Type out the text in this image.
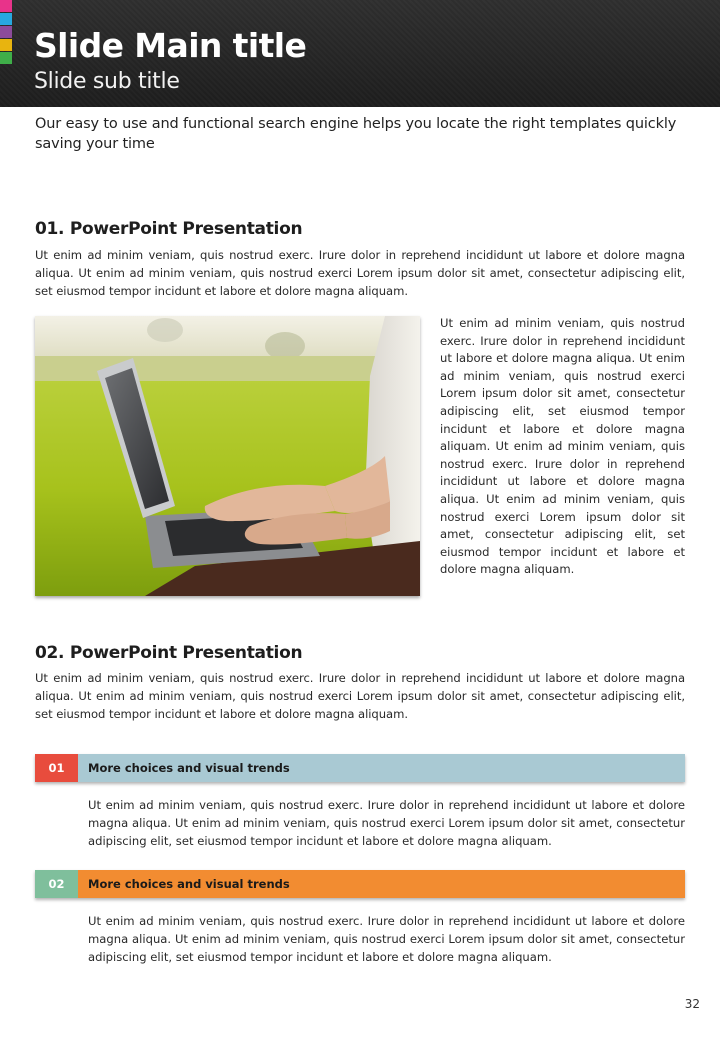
Slide Main title
Slide sub title
Our easy to use and functional search engine helps you locate the right templates quickly saving your time
01. PowerPoint Presentation
Ut enim ad minim veniam, quis nostrud exerc. Irure dolor in reprehend incididunt ut labore et dolore magna aliqua. Ut enim ad minim veniam, quis nostrud exerci Lorem ipsum dolor sit amet, consectetur adipiscing elit, set eiusmod tempor incidunt et labore et dolore magna aliquam.
Ut enim ad minim veniam, quis nostrud exerc. Irure dolor in reprehend incididunt ut labore et dolore magna aliqua. Ut enim ad minim veniam, quis nostrud exerci Lorem ipsum dolor sit amet, consectetur adipiscing elit, set eiusmod tempor incidunt et labore et dolore magna aliquam. Ut enim ad minim veniam, quis nostrud exerc. Irure dolor in reprehend incididunt ut labore et dolore magna aliqua. Ut enim ad minim veniam, quis nostrud exerci Lorem ipsum dolor sit amet, consectetur adipiscing elit, set eiusmod tempor incidunt et labore et dolore magna aliquam.
02. PowerPoint Presentation
Ut enim ad minim veniam, quis nostrud exerc. Irure dolor in reprehend incididunt ut labore et dolore magna aliqua. Ut enim ad minim veniam, quis nostrud exerci Lorem ipsum dolor sit amet, consectetur adipiscing elit, set eiusmod tempor incidunt et labore et dolore magna aliquam.
01	More choices and visual trends
Ut enim ad minim veniam, quis nostrud exerc. Irure dolor in reprehend incididunt ut labore et dolore magna aliqua. Ut enim ad minim veniam, quis nostrud exerci Lorem ipsum dolor sit amet, consectetur adipiscing elit, set eiusmod tempor incidunt et labore et dolore magna aliquam.
02	More choices and visual trends
Ut enim ad minim veniam, quis nostrud exerc. Irure dolor in reprehend incididunt ut labore et dolore magna aliqua. Ut enim ad minim veniam, quis nostrud exerci Lorem ipsum dolor sit amet, consectetur adipiscing elit, set eiusmod tempor incidunt et labore et dolore magna aliquam.
32
